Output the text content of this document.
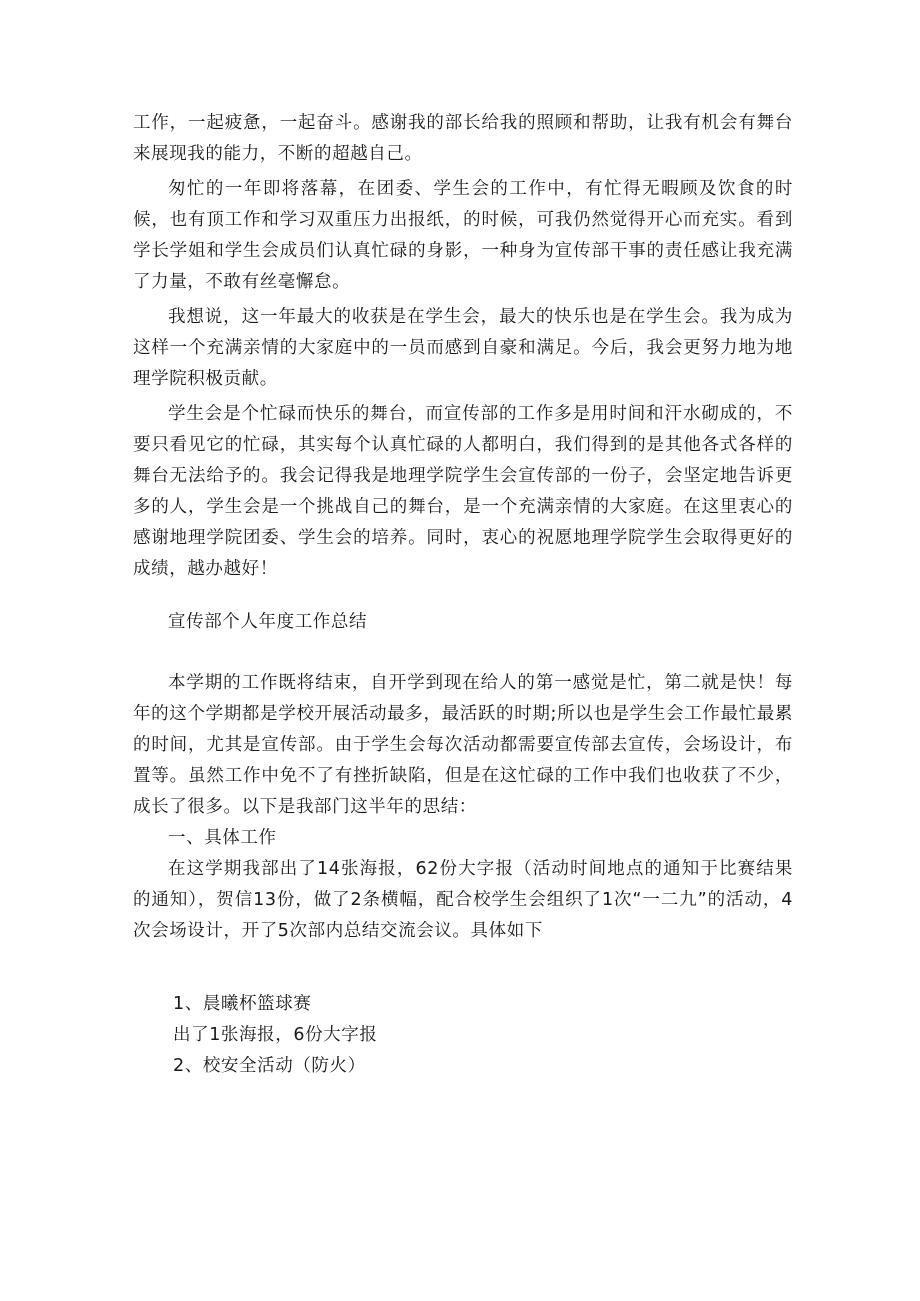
工作，一起疲惫，一起奋斗。感谢我的部长给我的照顾和帮助，让我有机会有舞台来展现我的能力，不断的超越自己。

匆忙的一年即将落幕，在团委、学生会的工作中，有忙得无暇顾及饮食的时候，也有顶工作和学习双重压力出报纸，的时候，可我仍然觉得开心而充实。看到学长学姐和学生会成员们认真忙碌的身影，一种身为宣传部干事的责任感让我充满了力量，不敢有丝毫懈怠。

我想说，这一年最大的收获是在学生会，最大的快乐也是在学生会。我为成为这样一个充满亲情的大家庭中的一员而感到自豪和满足。今后，我会更努力地为地理学院积极贡献。

学生会是个忙碌而快乐的舞台，而宣传部的工作多是用时间和汗水砌成的，不要只看见它的忙碌，其实每个认真忙碌的人都明白，我们得到的是其他各式各样的舞台无法给予的。我会记得我是地理学院学生会宣传部的一份子，会坚定地告诉更多的人，学生会是一个挑战自己的舞台，是一个充满亲情的大家庭。在这里衷心的感谢地理学院团委、学生会的培养。同时，衷心的祝愿地理学院学生会取得更好的成绩，越办越好！

宣传部个人年度工作总结

本学期的工作既将结束，自开学到现在给人的第一感觉是忙，第二就是快！每年的这个学期都是学校开展活动最多，最活跃的时期;所以也是学生会工作最忙最累的时间，尤其是宣传部。由于学生会每次活动都需要宣传部去宣传，会场设计，布置等。虽然工作中免不了有挫折缺陷，但是在这忙碌的工作中我们也收获了不少，成长了很多。以下是我部门这半年的思结：

一、具体工作

在这学期我部出了14张海报，62份大字报（活动时间地点的通知于比赛结果的通知），贺信13份，做了2条横幅，配合校学生会组织了1次“一二九”的活动，4次会场设计，开了5次部内总结交流会议。具体如下

1、晨曦杯篮球赛

出了1张海报，6份大字报

2、校安全活动（防火）
